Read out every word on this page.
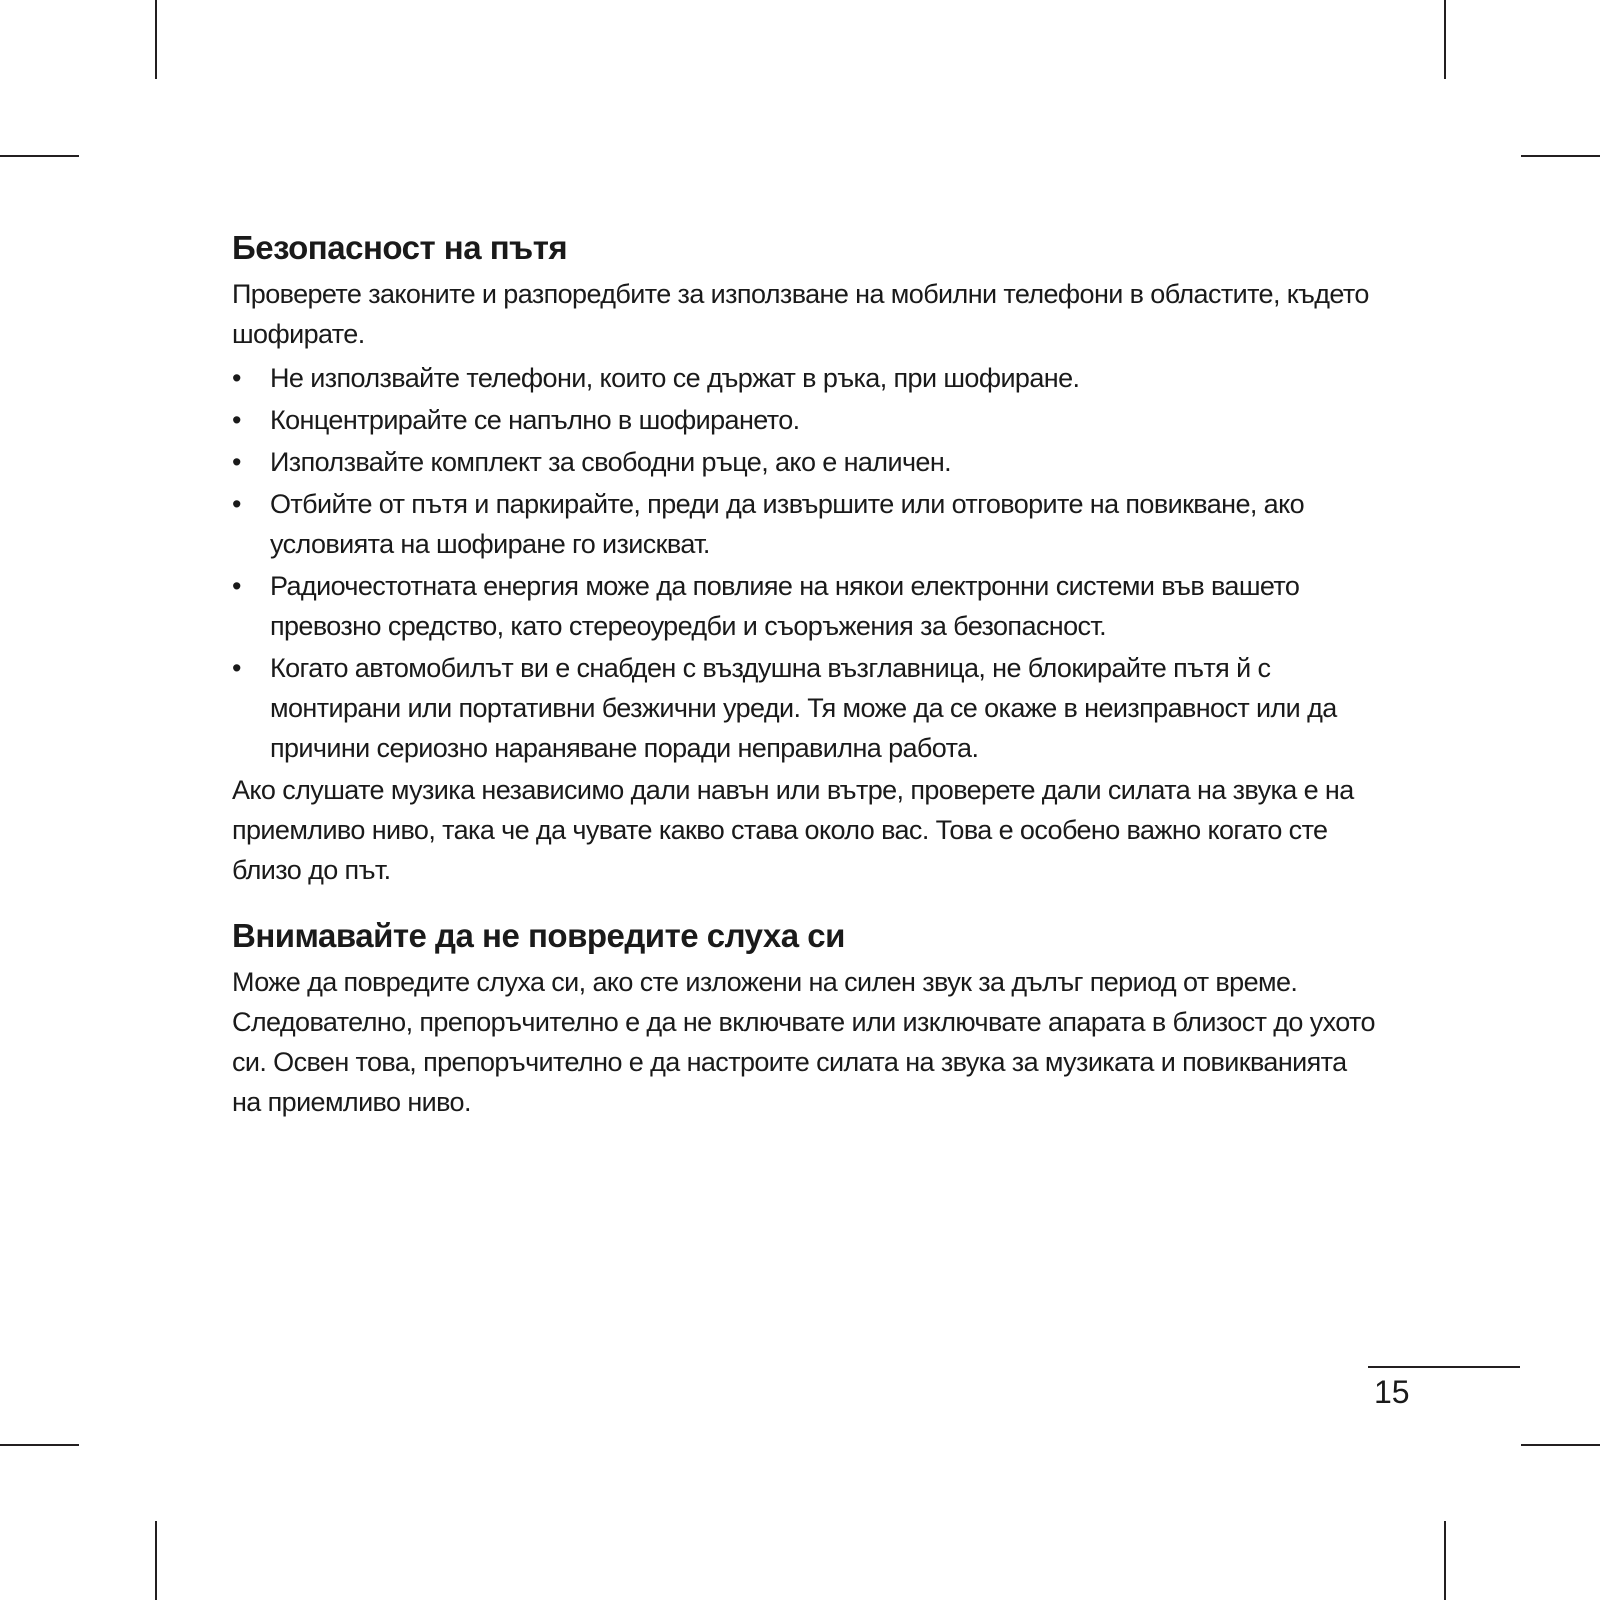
Безопасност на пътя

Проверете законите и разпоредбите за използване на мобилни телефони в областите, където шофирате.

• Не използвайте телефони, които се държат в ръка, при шофиране.
• Концентрирайте се напълно в шофирането.
• Използвайте комплект за свободни ръце, ако е наличен.
• Отбийте от пътя и паркирайте, преди да извършите или отговорите на повикване, ако условията на шофиране го изискват.
• Радиочестотната енергия може да повлияе на някои електронни системи във вашето превозно средство, като стереоуредби и съоръжения за безопасност.
• Когато автомобилът ви е снабден с въздушна възглавница, не блокирайте пътя й с монтирани или портативни безжични уреди. Тя може да се окаже в неизправност или да причини сериозно нараняване поради неправилна работа.

Ако слушате музика независимо дали навън или вътре, проверете дали силата на звука е на приемливо ниво, така че да чувате какво става около вас. Това е особено важно когато сте близо до път.

Внимавайте да не повредите слуха си

Може да повредите слуха си, ако сте изложени на силен звук за дълъг период от време. Следователно, препоръчително е да не включвате или изключвате апарата в близост до ухото си. Освен това, препоръчително е да настроите силата на звука за музиката и повикванията на приемливо ниво.

15
